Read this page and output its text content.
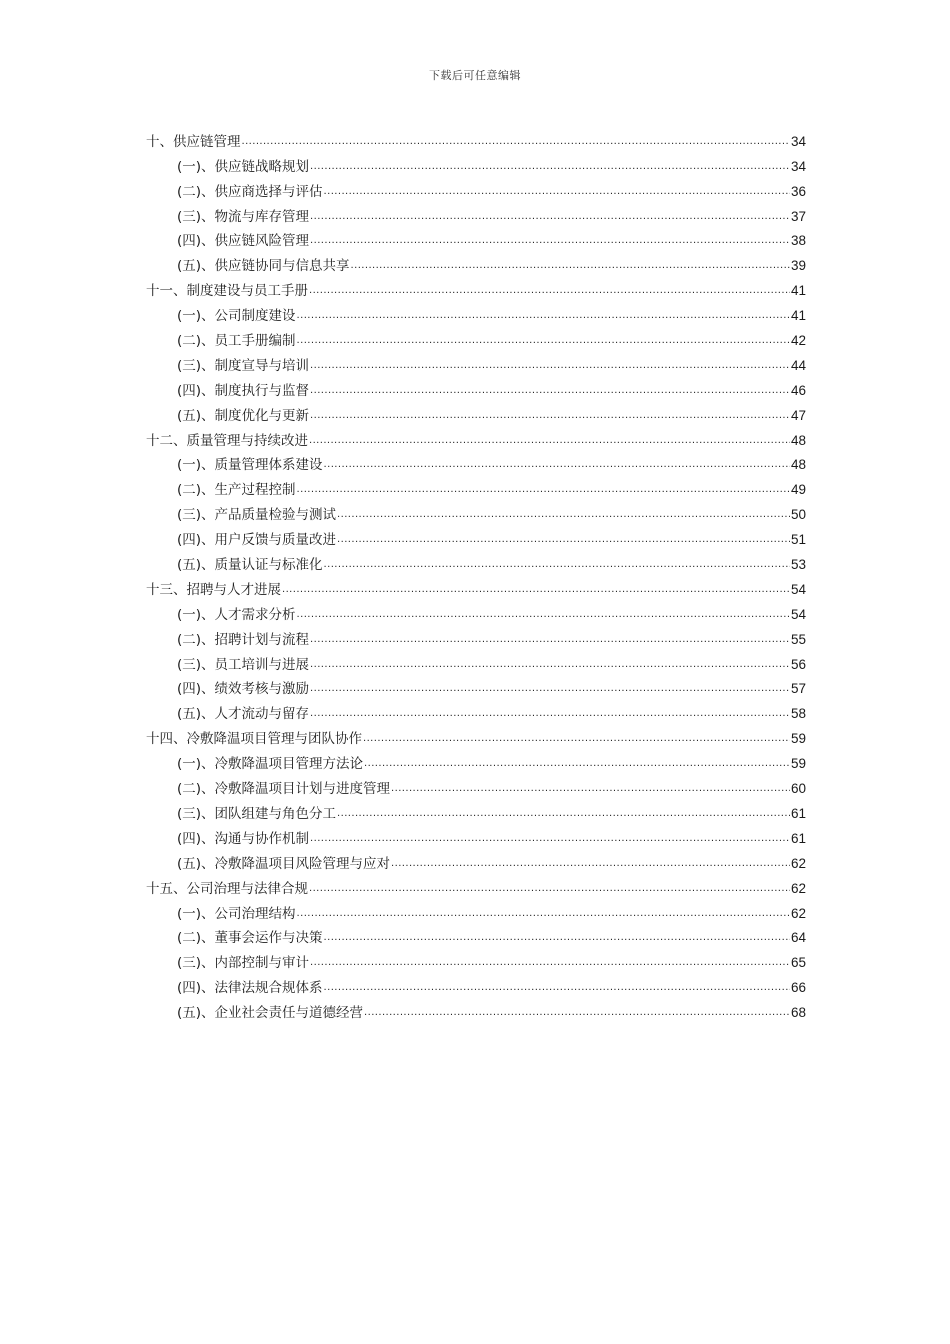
下载后可任意编辑
十、供应链管理 .....	34
(一)、供应链战略规划 .....	34
(二)、供应商选择与评估 .....	36
(三)、物流与库存管理 .....	37
(四)、供应链风险管理 .....	38
(五)、供应链协同与信息共享 .....	39
十一、制度建设与员工手册 .....	41
(一)、公司制度建设 .....	41
(二)、员工手册编制 .....	42
(三)、制度宣导与培训 .....	44
(四)、制度执行与监督 .....	46
(五)、制度优化与更新 .....	47
十二、质量管理与持续改进 .....	48
(一)、质量管理体系建设 .....	48
(二)、生产过程控制 .....	49
(三)、产品质量检验与测试 .....	50
(四)、用户反馈与质量改进 .....	51
(五)、质量认证与标准化 .....	53
十三、招聘与人才进展 .....	54
(一)、人才需求分析 .....	54
(二)、招聘计划与流程 .....	55
(三)、员工培训与进展 .....	56
(四)、绩效考核与激励 .....	57
(五)、人才流动与留存 .....	58
十四、冷敷降温项目管理与团队协作 .....	59
(一)、冷敷降温项目管理方法论 .....	59
(二)、冷敷降温项目计划与进度管理 .....	60
(三)、团队组建与角色分工 .....	61
(四)、沟通与协作机制 .....	61
(五)、冷敷降温项目风险管理与应对 .....	62
十五、公司治理与法律合规 .....	62
(一)、公司治理结构 .....	62
(二)、董事会运作与决策 .....	64
(三)、内部控制与审计 .....	65
(四)、法律法规合规体系 .....	66
(五)、企业社会责任与道德经营 .....	68
